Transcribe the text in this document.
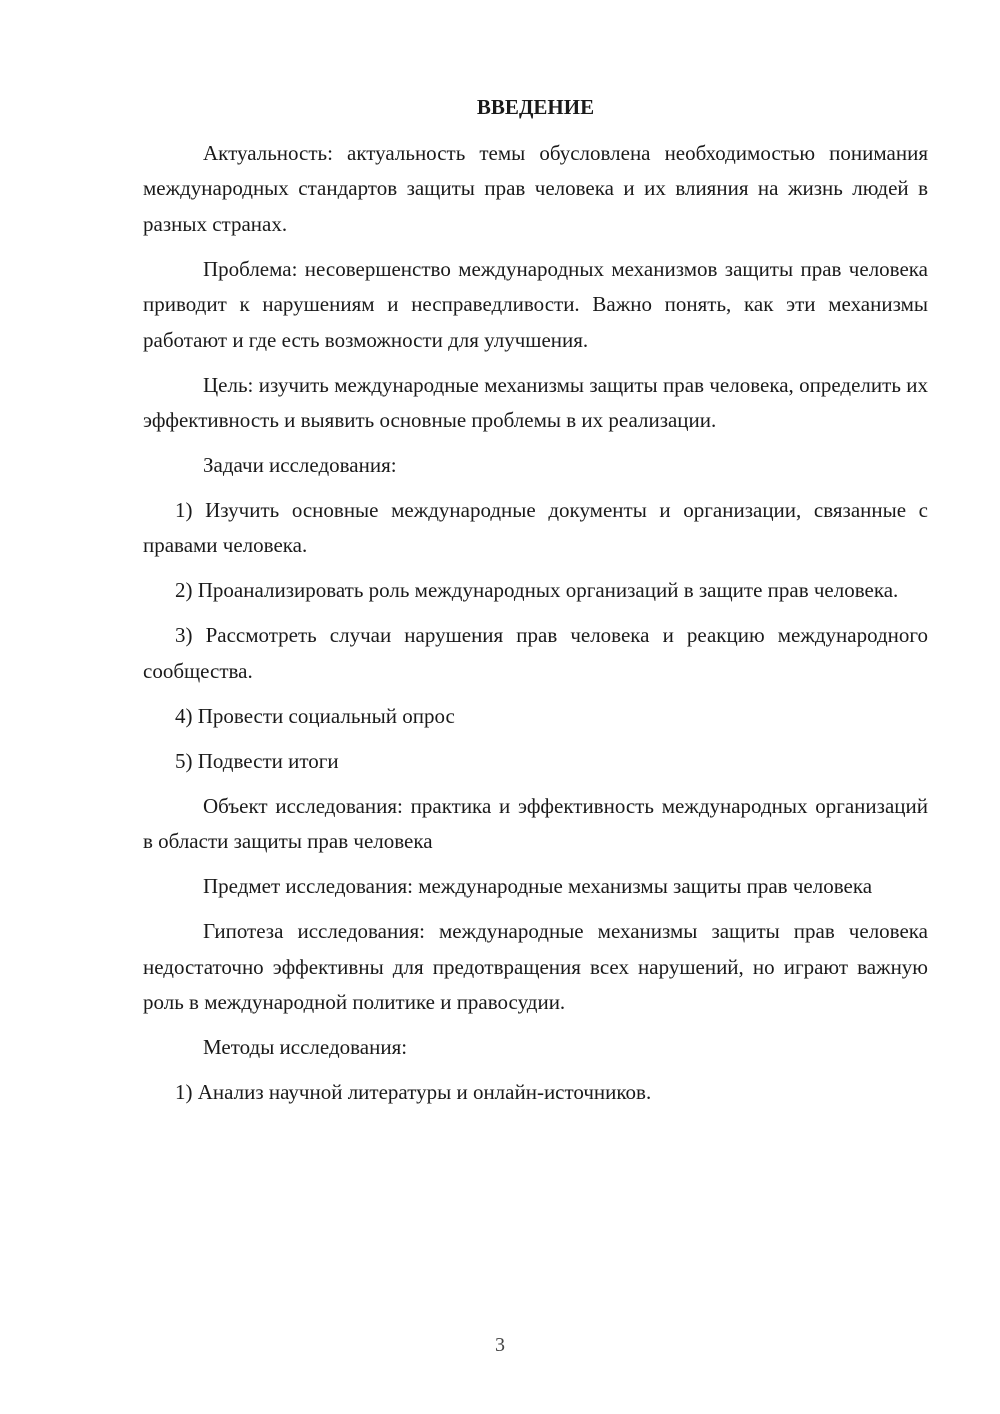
ВВЕДЕНИЕ

Актуальность: актуальность темы обусловлена необходимостью понимания международных стандартов защиты прав человека и их влияния на жизнь людей в разных странах.

Проблема: несовершенство международных механизмов защиты прав человека приводит к нарушениям и несправедливости. Важно понять, как эти механизмы работают и где есть возможности для улучшения.

Цель: изучить международные механизмы защиты прав человека, определить их эффективность и выявить основные проблемы в их реализации.

Задачи исследования:

1) Изучить основные международные документы и организации, связанные с правами человека.

2) Проанализировать роль международных организаций в защите прав человека.

3) Рассмотреть случаи нарушения прав человека и реакцию международного сообщества.

4) Провести социальный опрос

5) Подвести итоги

Объект исследования: практика и эффективность международных организаций в области защиты прав человека

Предмет исследования: международные механизмы защиты прав человека

Гипотеза исследования: международные механизмы защиты прав человека недостаточно эффективны для предотвращения всех нарушений, но играют важную роль в международной политике и правосудии.

Методы исследования:

1) Анализ научной литературы и онлайн-источников.

3
